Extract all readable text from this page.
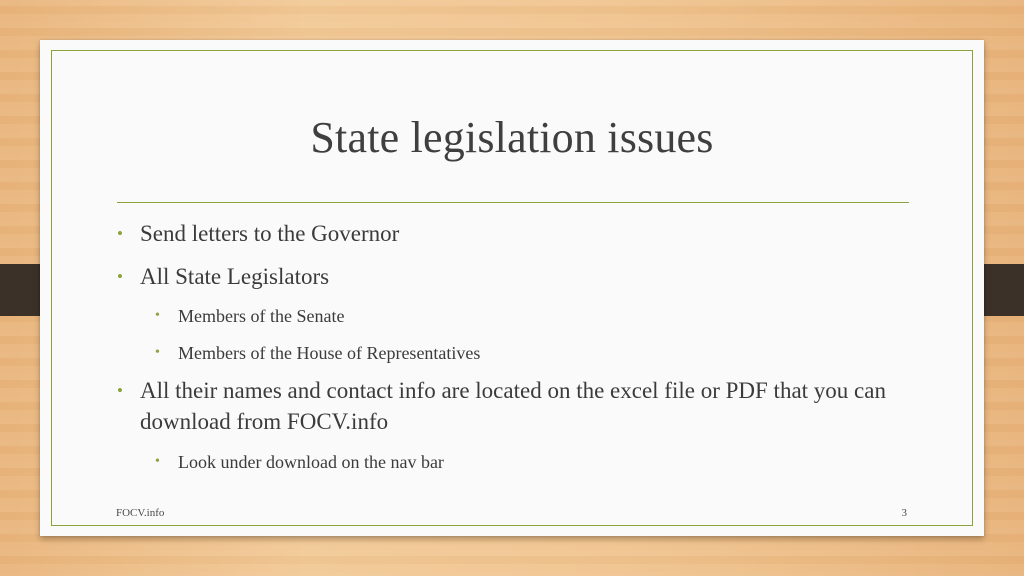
State legislation issues
• Send letters to the Governor
• All State Legislators
• Members of the Senate
• Members of the House of Representatives
• All their names and contact info are located on the excel file or PDF that you can download from FOCV.info
• Look under download on the nav bar
FOCV.info	3
